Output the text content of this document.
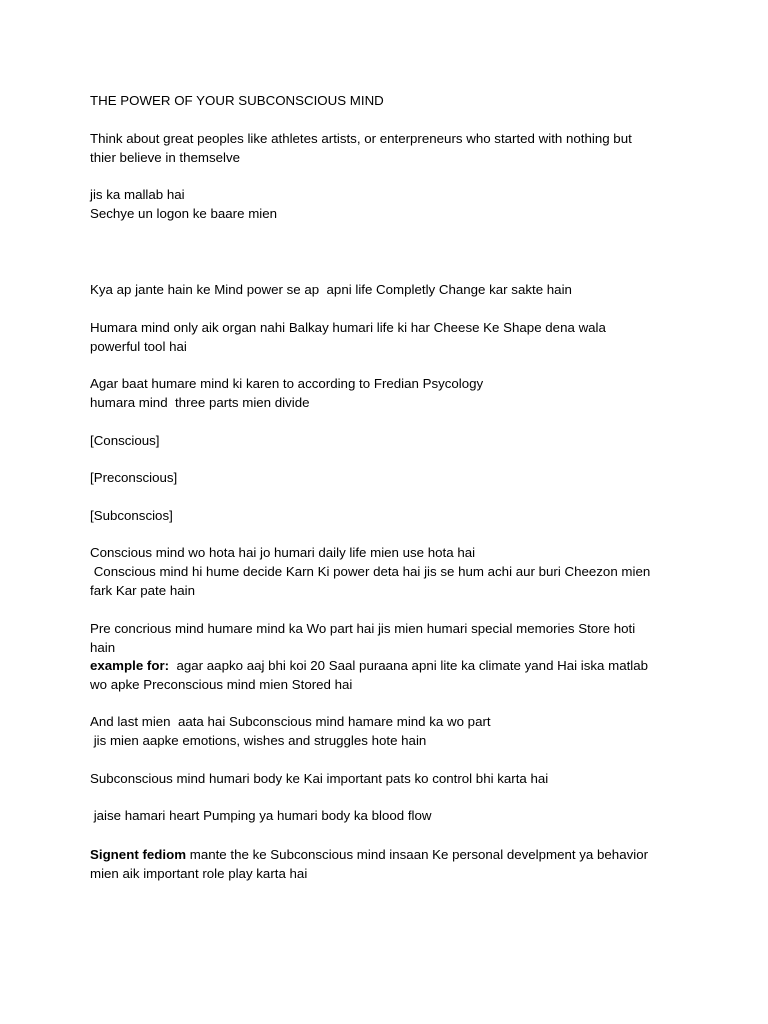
THE POWER OF YOUR SUBCONSCIOUS MIND
Think about great peoples like athletes artists, or enterpreneurs who started with nothing but
thier believe in themselve
jis ka mallab hai
Sechye un logon ke baare mien
Kya ap jante hain ke Mind power se ap  apni life Completly Change kar sakte hain
Humara mind only aik organ nahi Balkay humari life ki har Cheese Ke Shape dena wala
powerful tool hai
Agar baat humare mind ki karen to according to Fredian Psycology
humara mind  three parts mien divide
[Conscious]
[Preconscious]
[Subconscios]
Conscious mind wo hota hai jo humari daily life mien use hota hai
Conscious mind hi hume decide Karn Ki power deta hai jis se hum achi aur buri Cheezon mien
fark Kar pate hain
Pre concrious mind humare mind ka Wo part hai jis mien humari special memories Store hoti
hain
example for:  agar aapko aaj bhi koi 20 Saal puraana apni lite ka climate yand Hai iska matlab
wo apke Preconscious mind mien Stored hai
And last mien  aata hai Subconscious mind hamare mind ka wo part
jis mien aapke emotions, wishes and struggles hote hain
Subconscious mind humari body ke Kai important pats ko control bhi karta hai
jaise hamari heart Pumping ya humari body ka blood flow
Signent fediom mante the ke Subconscious mind insaan Ke personal develpment ya behavior
mien aik important role play karta hai
